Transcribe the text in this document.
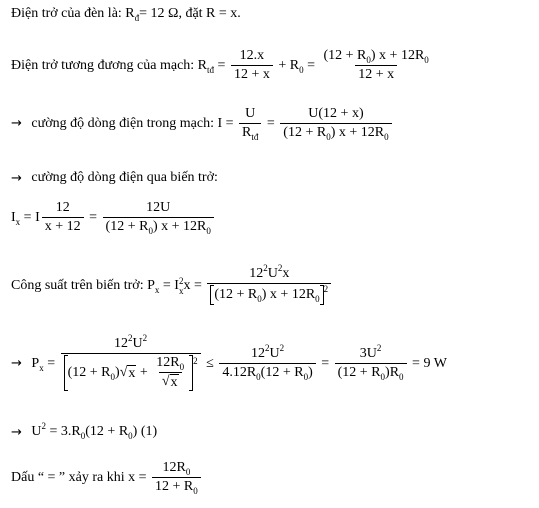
Điện trở của đèn là: R đ = 12 Ω, đặt R = x.
Điện trở tương đương của mạch: R tđ = $\frac{12.x}{12 + x} + R$ $0 = \frac{(12 + R_0) x + 12R_0}{12 + x}$
→ cường độ dòng điện trong mạch: $I = \frac{U}{R_{tđ}} = \frac{U(12 + x)}{(12 + R_0) x + 12R_0}$
→ cường độ dòng điện qua biến trở:
I x = I $\frac{12}{x + 12} = \frac{12U}{(12 + R_0) x + 12R_0}$
Công suất trên biến trở: P x = I 2
x $x = \frac{12^2U^2x}{(12 + R_0) x + 12R_0^2}$
→ P x =
$12^2U^2$
(12 + R 0 ) √ $x + \frac{12R_0}{√ x} 2 \le \frac{12^2U^2}{4.12R_0(12 + R_0)} = \frac{3U^2}{(12 + R_0)R_0} = 9$ W
→ U 2 = 3.R 0 (12 + R 0 ) (1)
Dấu “ = ” xảy ra khi $x = \frac{12R_0}{12 + R_0}$
